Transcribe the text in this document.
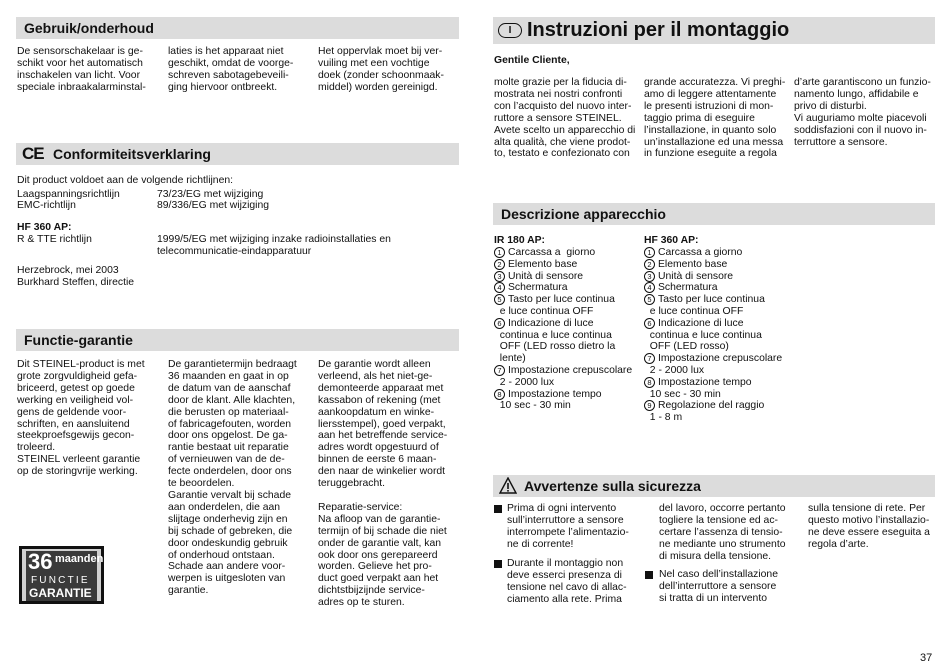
Gebruik/onderhoud
De sensorschakelaar is ge-
schikt voor het automatisch
inschakelen van licht. Voor
speciale inbraakalarminstal-
laties is het apparaat niet
geschikt, omdat de voorge-
schreven sabotagebeveili-
ging hiervoor ontbreekt.
Het oppervlak moet bij ver-
vuiling met een vochtige
doek (zonder schoonmaak-
middel) worden gereinigd.
CE Conformiteitsverklaring
Dit product voldoet aan de volgende richtlijnen:
Laagspanningsrichtlijn	73/23/EG met wijziging
EMC-richtlijn	89/336/EG met wijziging
HF 360 AP:
R & TTE richtlijn	1999/5/EG met wijziging inzake radioinstallaties en
telecommunicatie-eindapparatuur
Herzebrock, mei 2003
Burkhard Steffen, directie
Functie-garantie
Dit STEINEL-product is met
grote zorgvuldigheid gefa-
briceerd, getest op goede
werking en veiligheid vol-
gens de geldende voor-
schriften, en aansluitend
steekproefsgewijs gecon-
troleerd.
STEINEL verleent garantie
op de storingvrije werking.
De garantietermijn bedraagt
36 maanden en gaat in op
de datum van de aanschaf
door de klant. Alle klachten,
die berusten op materiaal-
of fabricagefouten, worden
door ons opgelost. De ga-
rantie bestaat uit reparatie
of vernieuwen van de de-
fecte onderdelen, door ons
te beoordelen.
Garantie vervalt bij schade
aan onderdelen, die aan
slijtage onderhevig zijn en
bij schade of gebreken, die
door ondeskundig gebruik
of onderhoud ontstaan.
Schade aan andere voor-
werpen is uitgesloten van
garantie.
De garantie wordt alleen
verleend, als het niet-ge-
demonteerde apparaat met
kassabon of rekening (met
aankoopdatum en winke-
liersstempel), goed verpakt,
aan het betreffende service-
adres wordt opgestuurd of
binnen de eerste 6 maan-
den naar de winkelier wordt
teruggebracht.

Reparatie-service:
Na afloop van de garantie-
termijn of bij schade die niet
onder de garantie valt, kan
ook door ons gerepareerd
worden. Gelieve het pro-
duct goed verpakt aan het
dichtstbijzijnde service-
adres op te sturen.
36 maanden
FUNCTIE
GARANTIE
I Instruzioni per il montaggio
Gentile Cliente,
molte grazie per la fiducia di-
mostrata nei nostri confronti
con l’acquisto del nuovo inter-
ruttore a sensore STEINEL.
Avete scelto un apparecchio di
alta qualità, che viene prodot-
to, testato e confezionato con
grande accuratezza. Vi preghi-
amo di leggere attentamente
le presenti istruzioni di mon-
taggio prima di eseguire
l’installazione, in quanto solo
un’installazione ed una messa
in funzione eseguite a regola
d’arte garantiscono un funzio-
namento lungo, affidabile e
privo di disturbi.
Vi auguriamo molte piacevoli
soddisfazioni con il nuovo in-
terruttore a sensore.
Descrizione apparecchio
IR 180 AP:
1 Carcassa a  giorno
2 Elemento base
3 Unità di sensore
4 Schermatura
5 Tasto per luce continua
e luce continua OFF
6 Indicazione di luce
continua e luce continua
OFF (LED rosso dietro la
lente)
7 Impostazione crepuscolare
2 - 2000 lux
8 Impostazione tempo
10 sec - 30 min
HF 360 AP:
1 Carcassa a giorno
2 Elemento base
3 Unità di sensore
4 Schermatura
5 Tasto per luce continua
e luce continua OFF
6 Indicazione di luce
continua e luce continua
OFF (LED rosso)
7 Impostazione crepuscolare
2 - 2000 lux
8 Impostazione tempo
10 sec - 30 min
9 Regolazione del raggio
1 - 8 m
Avvertenze sulla sicurezza
Prima di ogni intervento
sull’interruttore a sensore
interrompete l’alimentazio-
ne di corrente!
Durante il montaggio non
deve esserci presenza di
tensione nel cavo di allac-
ciamento alla rete. Prima
del lavoro, occorre pertanto
togliere la tensione ed ac-
certare l’assenza di tensio-
ne mediante uno strumento
di misura della tensione.
Nel caso dell’installazione
dell’interruttore a sensore
si tratta di un intervento
sulla tensione di rete. Per
questo motivo l’installazio-
ne deve essere eseguita a
regola d’arte.
37
